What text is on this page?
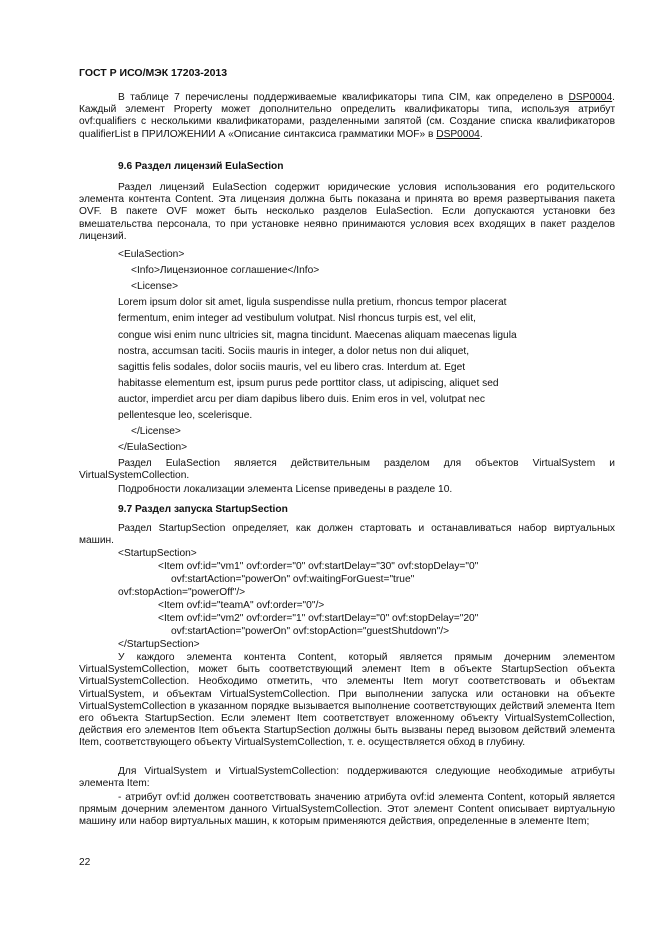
ГОСТ Р ИСО/МЭК 17203-2013
В таблице 7 перечислены поддерживаемые квалификаторы типа CIM, как определено в DSP0004. Каждый элемент Property может дополнительно определить квалификаторы типа, используя атрибут ovf:qualifiers с несколькими квалификаторами, разделенными запятой (см. Создание списка квалификаторов qualifierList в ПРИЛОЖЕНИИ А «Описание синтаксиса грамматики MOF» в DSP0004.
9.6 Раздел лицензий EulaSection
Раздел лицензий EulaSection содержит юридические условия использования его родительского элемента контента Content. Эта лицензия должна быть показана и принята во время развертывания пакета OVF. В пакете OVF может быть несколько разделов EulaSection. Если допускаются установки без вмешательства персонала, то при установке неявно принимаются условия всех входящих в пакет разделов лицензий.
<EulaSection>
<Info>Лицензионное соглашение</Info>
<License>
Lorem ipsum dolor sit amet, ligula suspendisse nulla pretium, rhoncus tempor placerat
fermentum, enim integer ad vestibulum volutpat. Nisl rhoncus turpis est, vel elit,
congue wisi enim nunc ultricies sit, magna tincidunt. Maecenas aliquam maecenas ligula
nostra, accumsan taciti. Sociis mauris in integer, a dolor netus non dui aliquet,
sagittis felis sodales, dolor sociis mauris, vel eu libero cras. Interdum at. Eget
habitasse elementum est, ipsum purus pede porttitor class, ut adipiscing, aliquet sed
auctor, imperdiet arcu per diam dapibus libero duis. Enim eros in vel, volutpat nec
pellentesque leo, scelerisque.
</License>
</EulaSection>
Раздел EulaSection является действительным разделом для объектов VirtualSystem и VirtualSystemCollection.
Подробности локализации элемента License приведены в разделе 10.
9.7 Раздел запуска StartupSection
Раздел StartupSection определяет, как должен стартовать и останавливаться набор виртуальных машин.
<StartupSection>
<Item ovf:id="vm1" ovf:order="0" ovf:startDelay="30" ovf:stopDelay="0"
ovf:startAction="powerOn" ovf:waitingForGuest="true"
ovf:stopAction="powerOff"/>
<Item ovf:id="teamA" ovf:order="0"/>
<Item ovf:id="vm2" ovf:order="1" ovf:startDelay="0" ovf:stopDelay="20"
ovf:startAction="powerOn" ovf:stopAction="guestShutdown"/>
</StartupSection>
У каждого элемента контента Content, который является прямым дочерним элементом VirtualSystemCollection, может быть соответствующий элемент Item в объекте StartupSection объекта VirtualSystemCollection. Необходимо отметить, что элементы Item могут соответствовать и объектам VirtualSystem, и объектам VirtualSystemCollection. При выполнении запуска или остановки на объекте VirtualSystemCollection в указанном порядке вызывается выполнение соответствующих действий элемента Item его объекта StartupSection. Если элемент Item соответствует вложенному объекту VirtualSystemCollection, действия его элементов Item объекта StartupSection должны быть вызваны перед вызовом действий элемента Item, соответствующего объекту VirtualSystemCollection, т. е. осуществляется обход в глубину.
Для VirtualSystem и VirtualSystemCollection: поддерживаются следующие необходимые атрибуты элемента Item:
- атрибут ovf:id должен соответствовать значению атрибута ovf:id элемента Content, который является прямым дочерним элементом данного VirtualSystemCollection. Этот элемент Content описывает виртуальную машину или набор виртуальных машин, к которым применяются действия, определенные в элементе Item;
22
